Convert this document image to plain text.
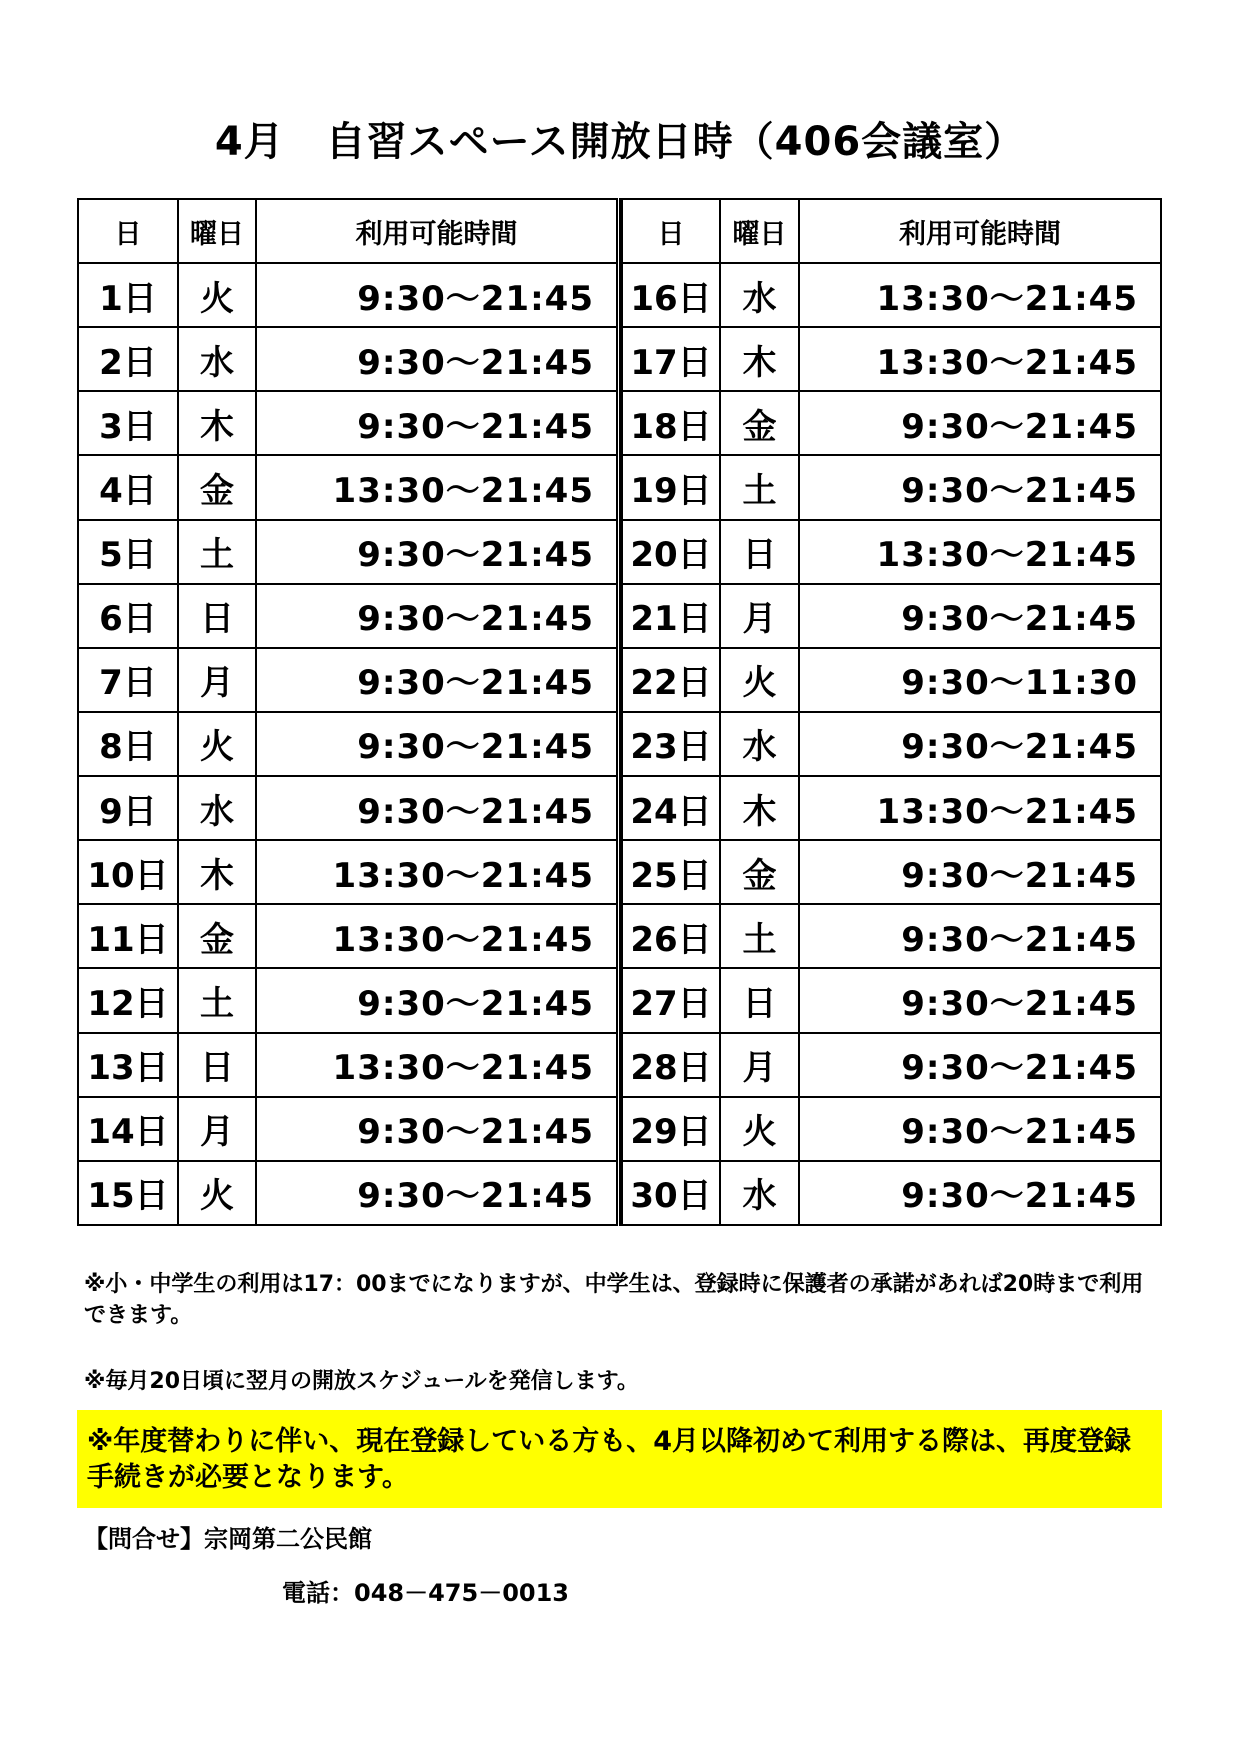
4月　自習スペース開放日時（406会議室）
日	曜日	利用可能時間
1日	火	9:30〜21:45
2日	水	9:30〜21:45
3日	木	9:30〜21:45
4日	金	13:30〜21:45
5日	土	9:30〜21:45
6日	日	9:30〜21:45
7日	月	9:30〜21:45
8日	火	9:30〜21:45
9日	水	9:30〜21:45
10日	木	13:30〜21:45
11日	金	13:30〜21:45
12日	土	9:30〜21:45
13日	日	13:30〜21:45
14日	月	9:30〜21:45
15日	火	9:30〜21:45
日	曜日	利用可能時間
16日	水	13:30〜21:45
17日	木	13:30〜21:45
18日	金	9:30〜21:45
19日	土	9:30〜21:45
20日	日	13:30〜21:45
21日	月	9:30〜21:45
22日	火	9:30〜11:30
23日	水	9:30〜21:45
24日	木	13:30〜21:45
25日	金	9:30〜21:45
26日	土	9:30〜21:45
27日	日	9:30〜21:45
28日	月	9:30〜21:45
29日	火	9:30〜21:45
30日	水	9:30〜21:45
※小・中学生の利用は17：00までになりますが、中学生は、登録時に保護者の承諾があれば20時まで利用できます。
※毎月20日頃に翌月の開放スケジュールを発信します。
※年度替わりに伴い、現在登録している方も、4月以降初めて利用する際は、再度登録手続きが必要となります。
【問合せ】宗岡第二公民館
電話：048－475－0013
